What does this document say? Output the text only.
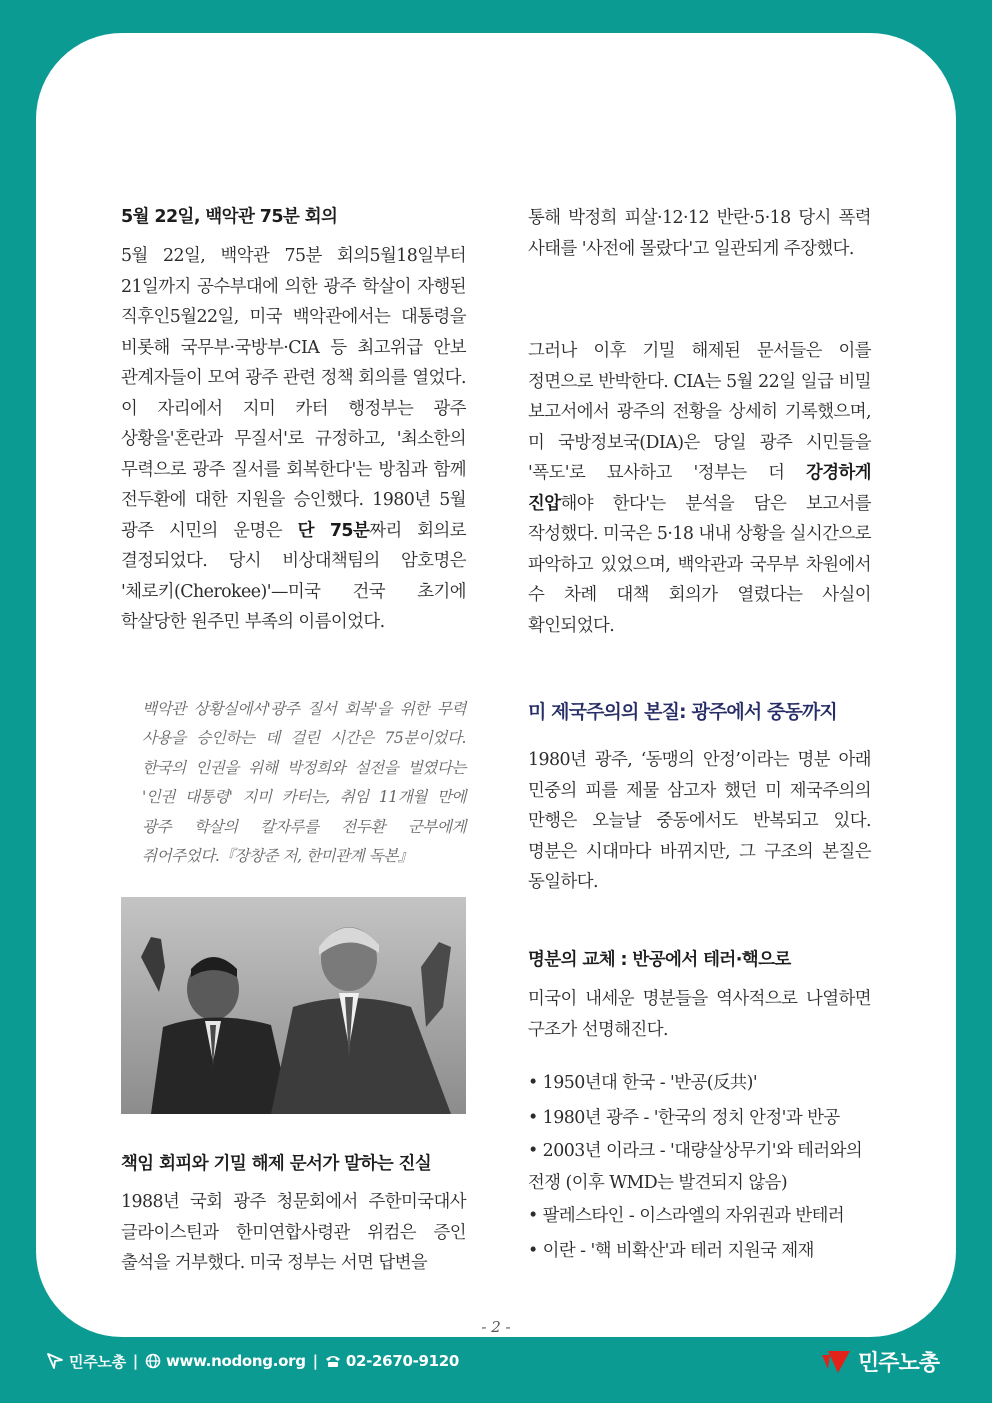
5월 22일, 백악관 75분 회의
5월 22일, 백악관 75분 회의5월18일부터 21일까지 공수부대에 의한 광주 학살이 자행된 직후인5월22일, 미국 백악관에서는 대통령을 비롯해 국무부·국방부·CIA 등 최고위급 안보 관계자들이 모여 광주 관련 정책 회의를 열었다. 이 자리에서 지미 카터 행정부는 광주 상황을'혼란과 무질서'로 규정하고, '최소한의 무력으로 광주 질서를 회복한다'는 방침과 함께 전두환에 대한 지원을 승인했다. 1980년 5월 광주 시민의 운명은 단 75분짜리 회의로 결정되었다. 당시 비상대책팀의 암호명은 '체로키(Cherokee)'—미국 건국 초기에 학살당한 원주민 부족의 이름이었다.
백악관 상황실에서'광주 질서 회복'을 위한 무력 사용을 승인하는 데 걸린 시간은 75분이었다. 한국의 인권을 위해 박정희와 설전을 벌였다는 '인권 대통령' 지미 카터는, 취임 11개월 만에 광주 학살의 칼자루를 전두환 군부에게 쥐어주었다.『장창준 저, 한미관계 독본』
책임 회피와 기밀 해제 문서가 말하는 진실
1988년 국회 광주 청문회에서 주한미국대사 글라이스틴과 한미연합사령관 위컴은 증인 출석을 거부했다. 미국 정부는 서면 답변을
통해 박정희 피살·12·12 반란·5·18 당시 폭력 사태를 '사전에 몰랐다'고 일관되게 주장했다.
그러나 이후 기밀 해제된 문서들은 이를 정면으로 반박한다. CIA는 5월 22일 일급 비밀 보고서에서 광주의 전황을 상세히 기록했으며, 미 국방정보국(DIA)은 당일 광주 시민들을 '폭도'로 묘사하고 '정부는 더 강경하게 진압해야 한다'는 분석을 담은 보고서를 작성했다. 미국은 5·18 내내 상황을 실시간으로 파악하고 있었으며, 백악관과 국무부 차원에서 수 차례 대책 회의가 열렸다는 사실이 확인되었다.
미 제국주의의 본질: 광주에서 중동까지
1980년 광주, ‘동맹의 안정’이라는 명분 아래 민중의 피를 제물 삼고자 했던 미 제국주의의 만행은 오늘날 중동에서도 반복되고 있다. 명분은 시대마다 바뀌지만, 그 구조의 본질은 동일하다.
명분의 교체 : 반공에서 테러·핵으로
미국이 내세운 명분들을 역사적으로 나열하면 구조가 선명해진다.
• 1950년대 한국 - '반공(反共)'
• 1980년 광주 - '한국의 정치 안정'과 반공
• 2003년 이라크 - '대량살상무기'와 테러와의 전쟁 (이후 WMD는 발견되지 않음)
• 팔레스타인 - 이스라엘의 자위권과 반테러
• 이란 - '핵 비확산'과 테러 지원국 제재
- 2 -
민주노총 | www.nodong.org | 02-2670-9120	민주노총
